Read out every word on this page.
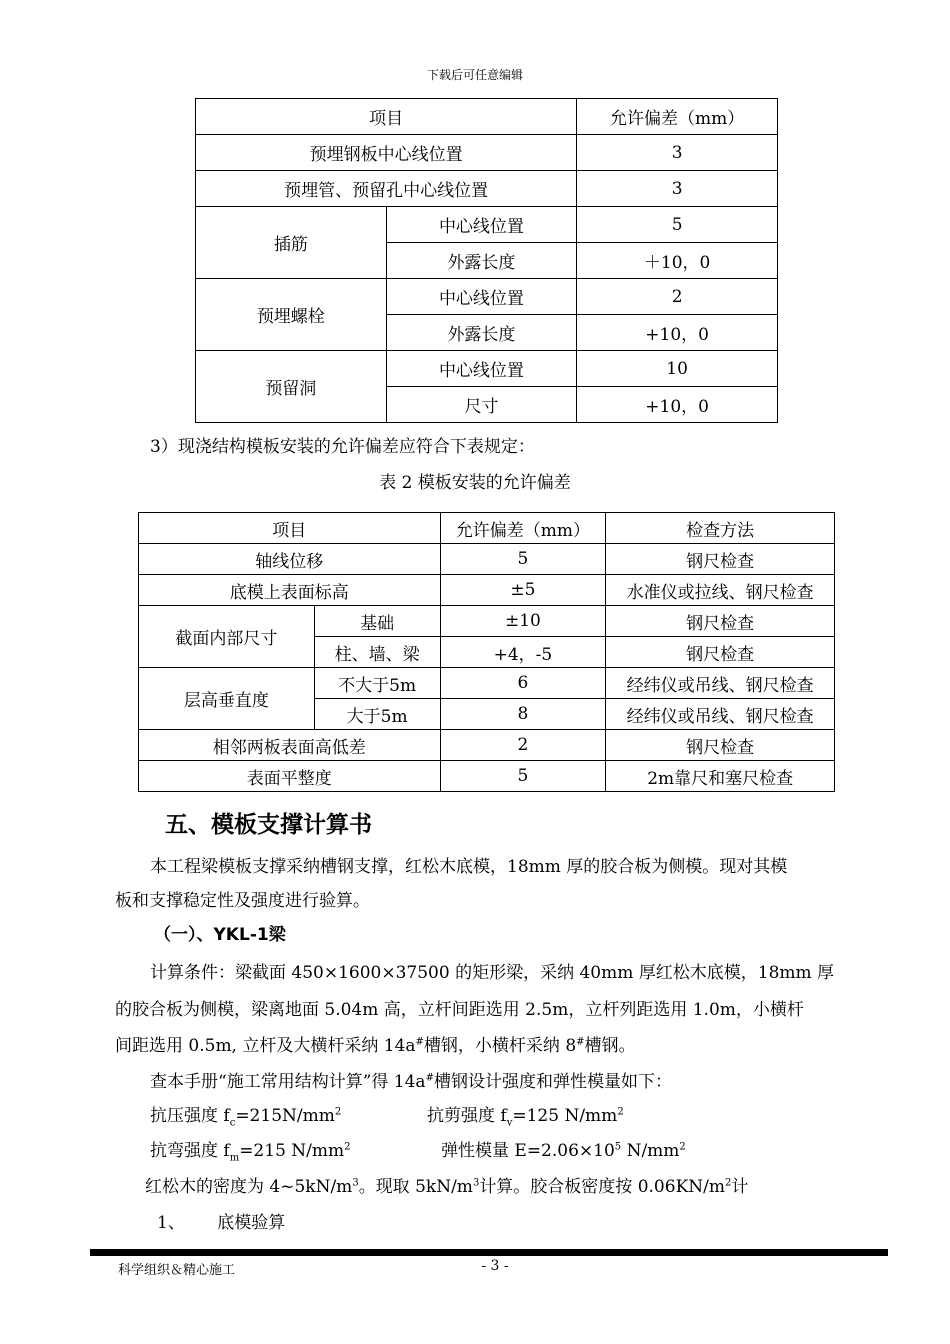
下载后可任意编辑
项目		允许偏差（mm）
预埋钢板中心线位置		3
预埋管、预留孔中心线位置		3
插筋	中心线位置	5
	外露长度	＋10，0
预埋螺栓	中心线位置	2
	外露长度	+10，0
预留洞	中心线位置	10
	尺寸	+10，0
3）现浇结构模板安装的允许偏差应符合下表规定：
表 2 模板安装的允许偏差
项目		允许偏差（mm）	检查方法
轴线位移		5	钢尺检查
底模上表面标高		±5	水准仪或拉线、钢尺检查
截面内部尺寸	基础	±10	钢尺检查
	柱、墙、梁	+4，-5	钢尺检查
层高垂直度	不大于5m	6	经纬仪或吊线、钢尺检查
	大于5m	8	经纬仪或吊线、钢尺检查
相邻两板表面高低差		2	钢尺检查
表面平整度		5	2m靠尺和塞尺检查
五、模板支撑计算书
本工程梁模板支撑采纳槽钢支撑，红松木底模，18mm 厚的胶合板为侧模。现对其模
板和支撑稳定性及强度进行验算。
（一）、YKL-1梁
计算条件：梁截面 450×1600×37500 的矩形梁，采纳 40mm 厚红松木底模，18mm 厚
的胶合板为侧模，梁离地面 5.04m 高，立杆间距选用 2.5m，立杆列距选用 1.0m，小横杆
间距选用 0.5m, 立杆及大横杆采纳 14a#槽钢，小横杆采纳 8#槽钢。
查本手册“施工常用结构计算”得 14a#槽钢设计强度和弹性模量如下：
抗压强度 $f_c=215N/mm^2$	抗剪强度 $f_v=125$ $N/mm^2$
抗弯强度 $f_m=215$ $N/mm^2$	弹性模量 $E=2.06\times 10^5$ $N/mm^2$
红松木的密度为 $4\sim 5kN/m^3$。现取 $5kN/m^3$计算。胶合板密度按 $0.06KN/m^2$计
1、      底模验算
科学组织＆精心施工	- 3 -
